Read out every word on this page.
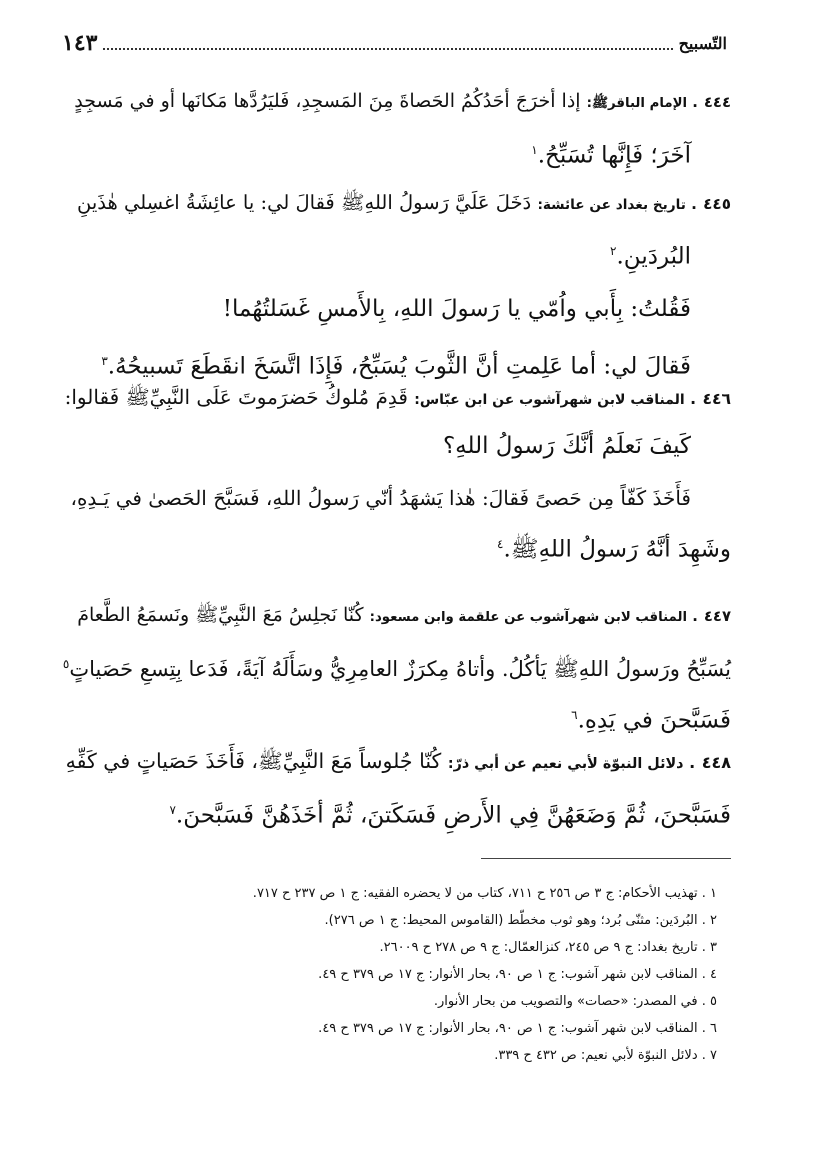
التّسبيح
١٤٣
٤٤٤ . الإمام الباقرﷺ: إذا أخرَجَ أحَدُكُمُ الحَصاةَ مِنَ المَسجِدِ، فَليَرُدَّها مَكانَها أو في مَسجِدٍ
آخَرَ؛ فَإِنَّها تُسَبِّحُ.$^١$
٤٤٥ . تاريخ بغداد عن عائشة: دَخَلَ عَلَيَّ رَسولُ اللهِﷺ فَقالَ لي: يا عائِشَةُ اغسِلي هٰذَينِ
البُردَينِ.$^٢$
فَقُلتُ: بِأَبي واُمّي يا رَسولَ اللهِ، بِالأَمسِ غَسَلتُهُما!
فَقالَ لي: أما عَلِمتِ أنَّ الثَّوبَ يُسَبِّحُ، فَإِذَا اتَّسَخَ انقَطَعَ تَسبيحُهُ.$^٣$
٤٤٦ . المناقب لابن شهرآشوب عن ابن عبّاس: قَدِمَ مُلوكُ حَضرَموتَ عَلَى النَّبِيِّﷺ فَقالوا:
كَيفَ نَعلَمُ أنَّكَ رَسولُ اللهِ؟
فَأَخَذَ كَفّاً مِن حَصىً فَقالَ: هٰذا يَشهَدُ أنّي رَسولُ اللهِ، فَسَبَّحَ الحَصىٰ في يَـدِهِ،
وشَهِدَ أنَّهُ رَسولُ اللهِﷺ.$^٤$
٤٤٧ . المناقب لابن شهرآشوب عن علقمة وابن مسعود: كُنّا نَجلِسُ مَعَ النَّبِيِّﷺ ونَسمَعُ الطَّعامَ
يُسَبِّحُ ورَسولُ اللهِﷺ يَأكُلُ. وأتاهُ مِكرَزٌ العامِرِيُّ وسَأَلَهُ آيَةً، فَدَعا بِتِسعِ حَصَياتٍ$^٥$
فَسَبَّحنَ في يَدِهِ.$^٦$
٤٤٨ . دلائل النبوّة لأبي نعيم عن أبي ذرّ: كُنّا جُلوساً مَعَ النَّبِيِّﷺ، فَأَخَذَ حَصَياتٍ في كَفِّهِ
فَسَبَّحنَ، ثُمَّ وَضَعَهُنَّ فِي الأَرضِ فَسَكَتنَ، ثُمَّ أخَذَهُنَّ فَسَبَّحنَ.$^٧$
١ . تهذيب الأحكام: ج ٣ ص ٢٥٦ ح ٧١١، كتاب من لا يحضره الفقيه: ج ١ ص ٢٣٧ ح ٧١٧.
٢ . البُردَين: مثنّى بُرد؛ وهو ثوب مخطّط (القاموس المحيط: ج ١ ص ٢٧٦).
٣ . تاريخ بغداد: ج ٩ ص ٢٤٥، كنزالعمّال: ج ٩ ص ٢٧٨ ح ٢٦٠٠٩.
٤ . المناقب لابن شهر آشوب: ج ١ ص ٩٠، بحار الأنوار: ج ١٧ ص ٣٧٩ ح ٤٩.
٥ . في المصدر: «حصات» والتصويب من بحار الأنوار.
٦ . المناقب لابن شهر آشوب: ج ١ ص ٩٠، بحار الأنوار: ج ١٧ ص ٣٧٩ ح ٤٩.
٧ . دلائل النبوّة لأبي نعيم: ص ٤٣٢ ح ٣٣٩.
